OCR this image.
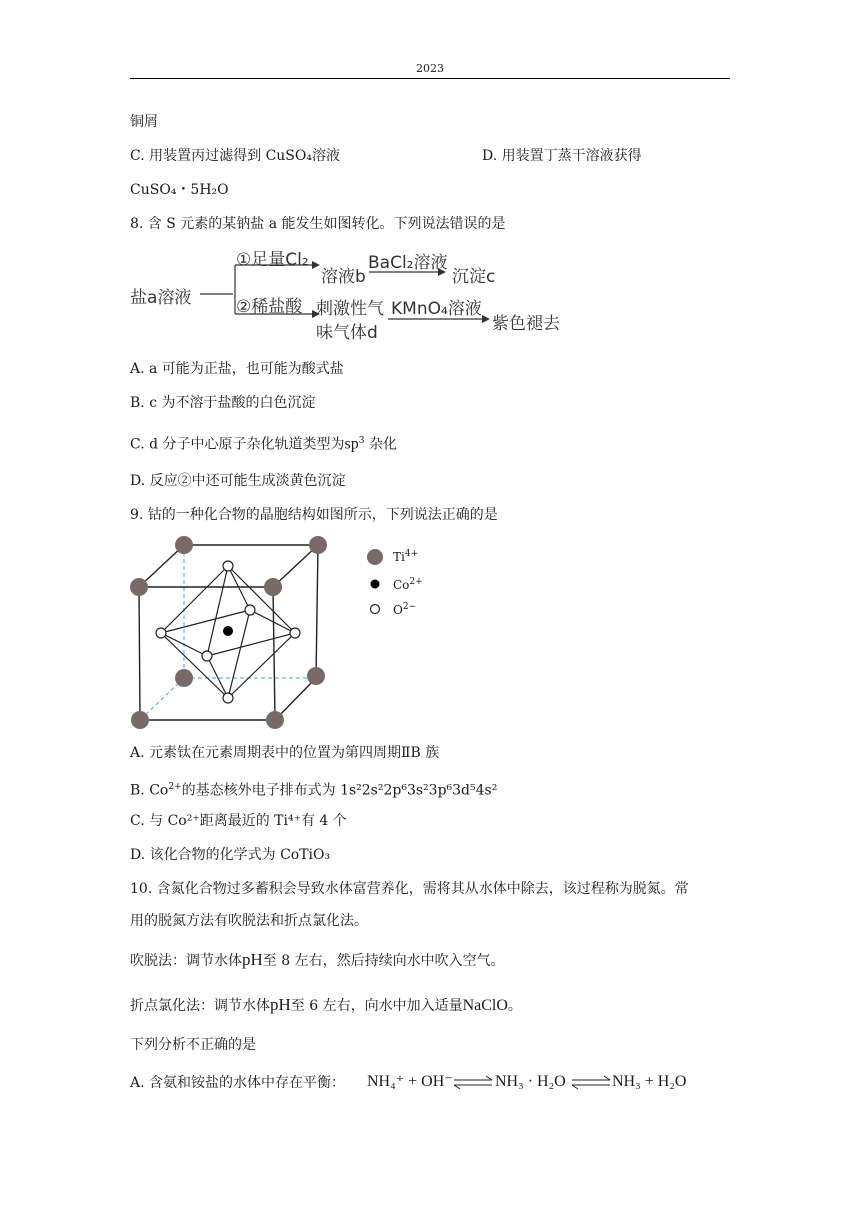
2023
铜屑
C. 用装置丙过滤得到 CuSO₄溶液	D. 用装置丁蒸干溶液获得
CuSO₄・5H₂O
8. 含 S 元素的某钠盐 a 能发生如图转化。下列说法错误的是
盐a溶液
①足量Cl₂
溶液b
BaCl₂溶液
沉淀c
②稀盐酸 刺激性气
味气体d
KMnO₄溶液
紫色褪去
A. a 可能为正盐，也可能为酸式盐
B. c 为不溶于盐酸的白色沉淀
C. d 分子中心原子杂化轨道类型为$sp^3$ 杂化
D. 反应②中还可能生成淡黄色沉淀
9. 钴的一种化合物的晶胞结构如图所示，下列说法正确的是
$Ti^{4+}$
$Co^{2+}$
$O^{2-}$
A. 元素钛在元素周期表中的位置为第四周期ⅡB 族
B. $Co^{2+}$的基态核外电子排布式为 1s²2s²2p⁶3s²3p⁶3d⁵4s²
C. 与 Co²⁺距离最近的 Ti⁴⁺有 4 个
D. 该化合物的化学式为 CoTiO₃
10. 含氮化合物过多蓄积会导致水体富营养化，需将其从水体中除去，该过程称为脱氮。常
用的脱氮方法有吹脱法和折点氯化法。
吹脱法：调节水体pH至 8 左右，然后持续向水中吹入空气。
折点氯化法：调节水体pH至 6 左右，向水中加入适量NaClO。
下列分析不正确的是
A. 含氨和铵盐的水体中存在平衡： NH₄⁺ + OH⁻	NH₃ · H₂O	NH₃ + H₂O
